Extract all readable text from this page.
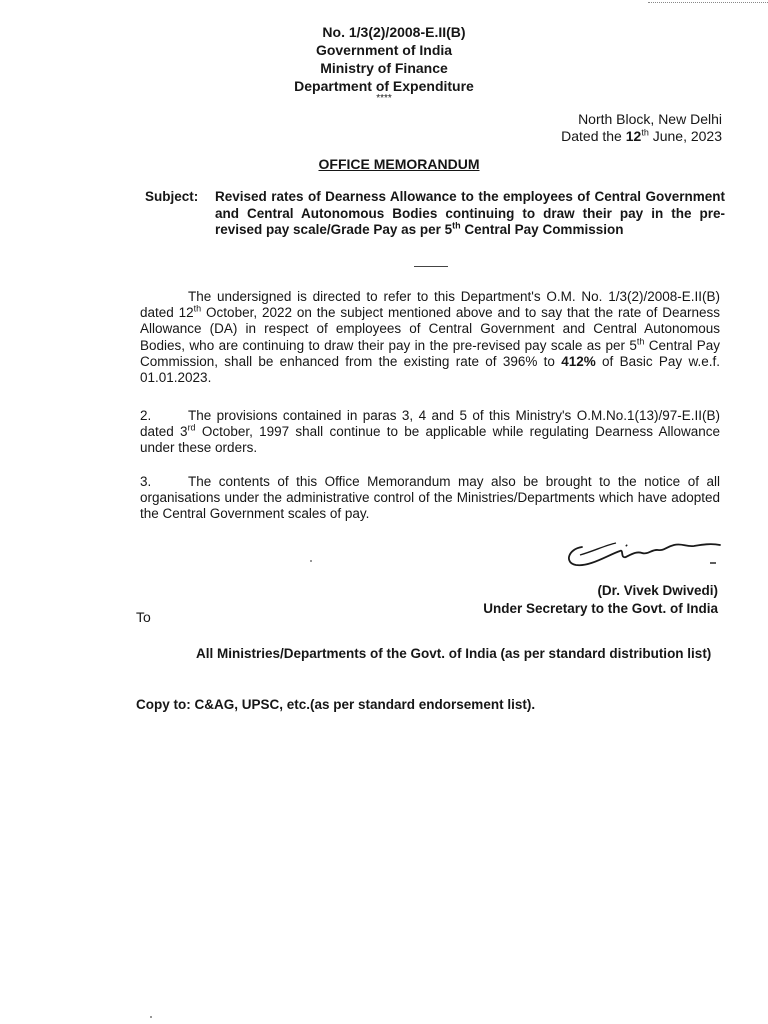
No. 1/3(2)/2008-E.II(B)
Government of India
Ministry of Finance
Department of Expenditure
****
North Block, New Delhi
Dated the 12th June, 2023
OFFICE MEMORANDUM
Subject:	Revised rates of Dearness Allowance to the employees of Central Government and Central Autonomous Bodies continuing to draw their pay in the pre-revised pay scale/Grade Pay as per 5th Central Pay Commission
The undersigned is directed to refer to this Department's O.M. No. 1/3(2)/2008-E.II(B) dated 12th October, 2022 on the subject mentioned above and to say that the rate of Dearness Allowance (DA) in respect of employees of Central Government and Central Autonomous Bodies, who are continuing to draw their pay in the pre-revised pay scale as per 5th Central Pay Commission, shall be enhanced from the existing rate of 396% to 412% of Basic Pay w.e.f. 01.01.2023.
2.	The provisions contained in paras 3, 4 and 5 of this Ministry's O.M.No.1(13)/97-E.II(B) dated 3rd October, 1997 shall continue to be applicable while regulating Dearness Allowance under these orders.
3.	The contents of this Office Memorandum may also be brought to the notice of all organisations under the administrative control of the Ministries/Departments which have adopted the Central Government scales of pay.
(Dr. Vivek Dwivedi)
Under Secretary to the Govt. of India
To
All Ministries/Departments of the Govt. of India (as per standard distribution list)
Copy to: C&AG, UPSC, etc.(as per standard endorsement list).
